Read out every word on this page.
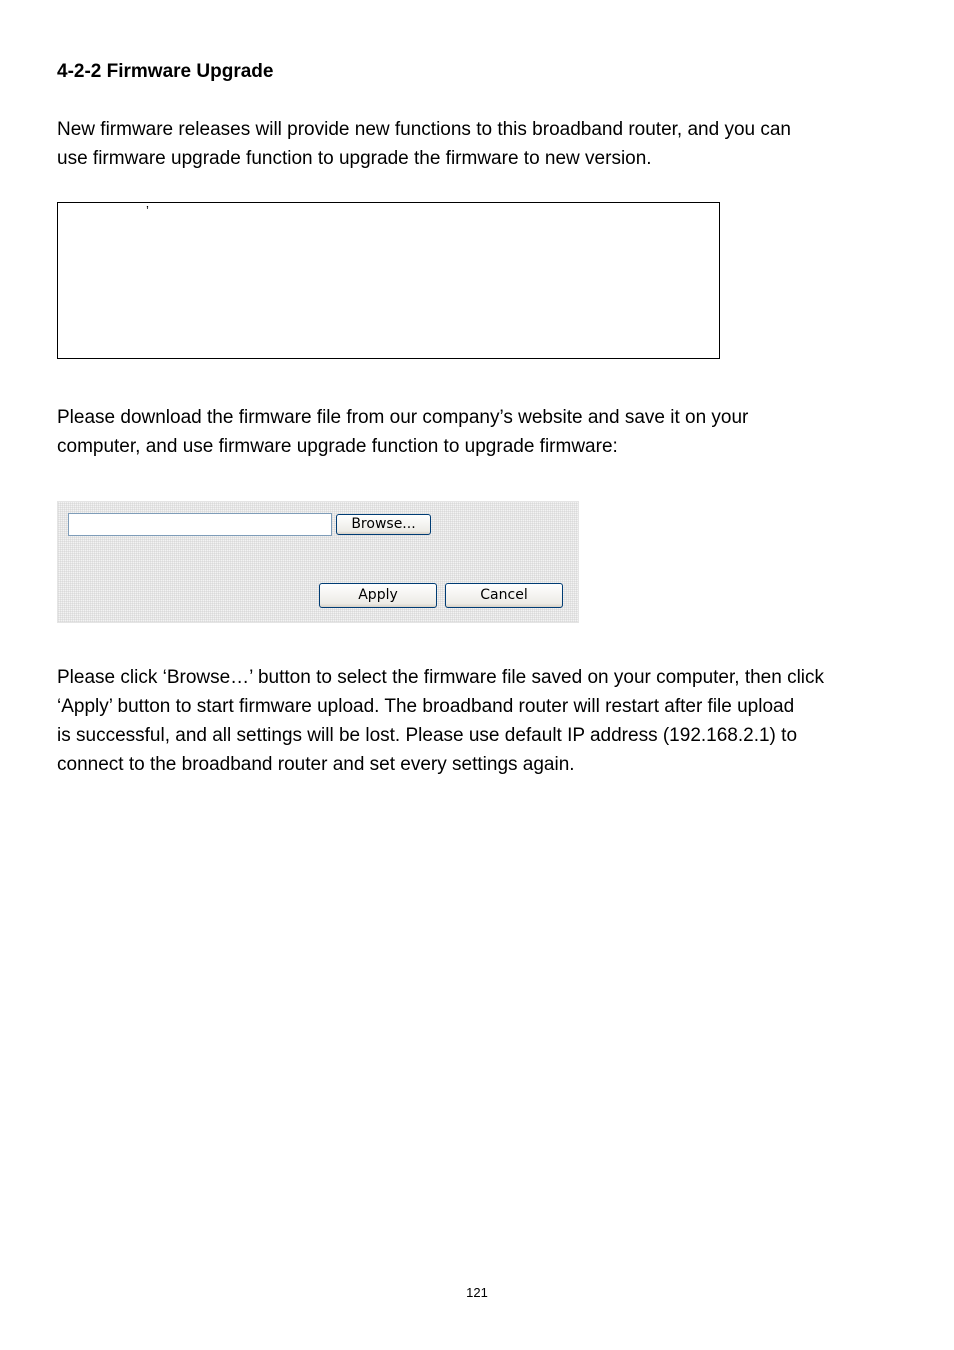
4-2-2 Firmware Upgrade
New firmware releases will provide new functions to this broadband router, and you can
use firmware upgrade function to upgrade the firmware to new version.
’
Please download the firmware file from our company’s website and save it on your
computer, and use firmware upgrade function to upgrade firmware:
Browse...
Apply	Cancel
Please click ‘Browse…’ button to select the firmware file saved on your computer, then click
‘Apply’ button to start firmware upload. The broadband router will restart after file upload
is successful, and all settings will be lost. Please use default IP address (192.168.2.1) to
connect to the broadband router and set every settings again.
121
